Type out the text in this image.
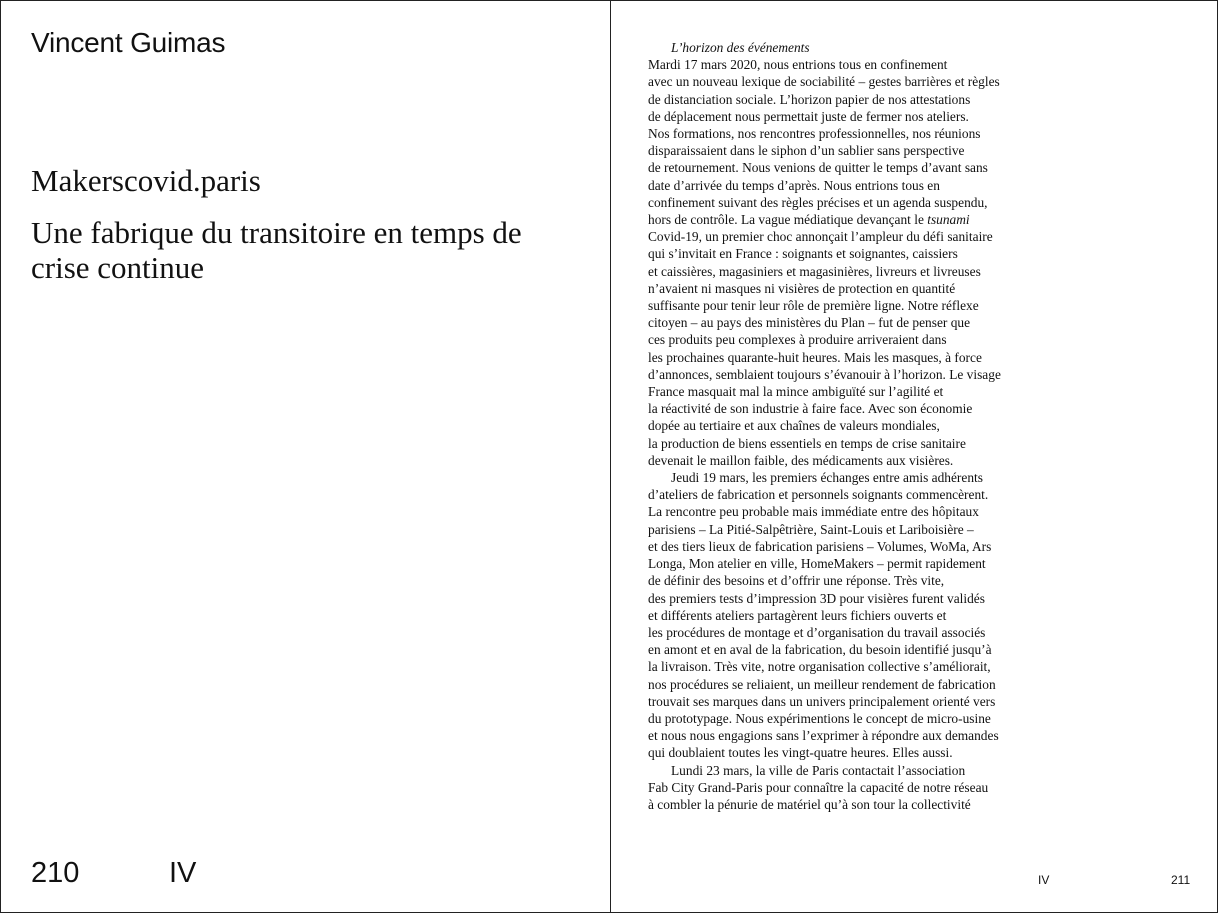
Vincent Guimas
Makerscovid.paris
Une fabrique du transitoire en temps de crise continue
210	IV
L’horizon des événements
Mardi 17 mars 2020, nous entrions tous en confinement
avec un nouveau lexique de sociabilité – gestes barrières et règles
de distanciation sociale. L’horizon papier de nos attestations
de déplacement nous permettait juste de fermer nos ateliers.
Nos formations, nos rencontres professionnelles, nos réunions
disparaissaient dans le siphon d’un sablier sans perspective
de retournement. Nous venions de quitter le temps d’avant sans
date d’arrivée du temps d’après. Nous entrions tous en
confinement suivant des règles précises et un agenda suspendu,
hors de contrôle. La vague médiatique devançant le tsunami
Covid-19, un premier choc annonçait l’ampleur du défi sanitaire
qui s’invitait en France : soignants et soignantes, caissiers
et caissières, magasiniers et magasinières, livreurs et livreuses
n’avaient ni masques ni visières de protection en quantité
suffisante pour tenir leur rôle de première ligne. Notre réflexe
citoyen – au pays des ministères du Plan – fut de penser que
ces produits peu complexes à produire arriveraient dans
les prochaines quarante-huit heures. Mais les masques, à force
d’annonces, semblaient toujours s’évanouir à l’horizon. Le visage
France masquait mal la mince ambiguïté sur l’agilité et
la réactivité de son industrie à faire face. Avec son économie
dopée au tertiaire et aux chaînes de valeurs mondiales,
la production de biens essentiels en temps de crise sanitaire
devenait le maillon faible, des médicaments aux visières.
Jeudi 19 mars, les premiers échanges entre amis adhérents
d’ateliers de fabrication et personnels soignants commencèrent.
La rencontre peu probable mais immédiate entre des hôpitaux
parisiens – La Pitié-Salpêtrière, Saint-Louis et Lariboisière –
et des tiers lieux de fabrication parisiens – Volumes, WoMa, Ars
Longa, Mon atelier en ville, HomeMakers – permit rapidement
de définir des besoins et d’offrir une réponse. Très vite,
des premiers tests d’impression 3D pour visières furent validés
et différents ateliers partagèrent leurs fichiers ouverts et
les procédures de montage et d’organisation du travail associés
en amont et en aval de la fabrication, du besoin identifié jusqu’à
la livraison. Très vite, notre organisation collective s’améliorait,
nos procédures se reliaient, un meilleur rendement de fabrication
trouvait ses marques dans un univers principalement orienté vers
du prototypage. Nous expérimentions le concept de micro-usine
et nous nous engagions sans l’exprimer à répondre aux demandes
qui doublaient toutes les vingt-quatre heures. Elles aussi.
Lundi 23 mars, la ville de Paris contactait l’association
Fab City Grand-Paris pour connaître la capacité de notre réseau
à combler la pénurie de matériel qu’à son tour la collectivité
IV	211
